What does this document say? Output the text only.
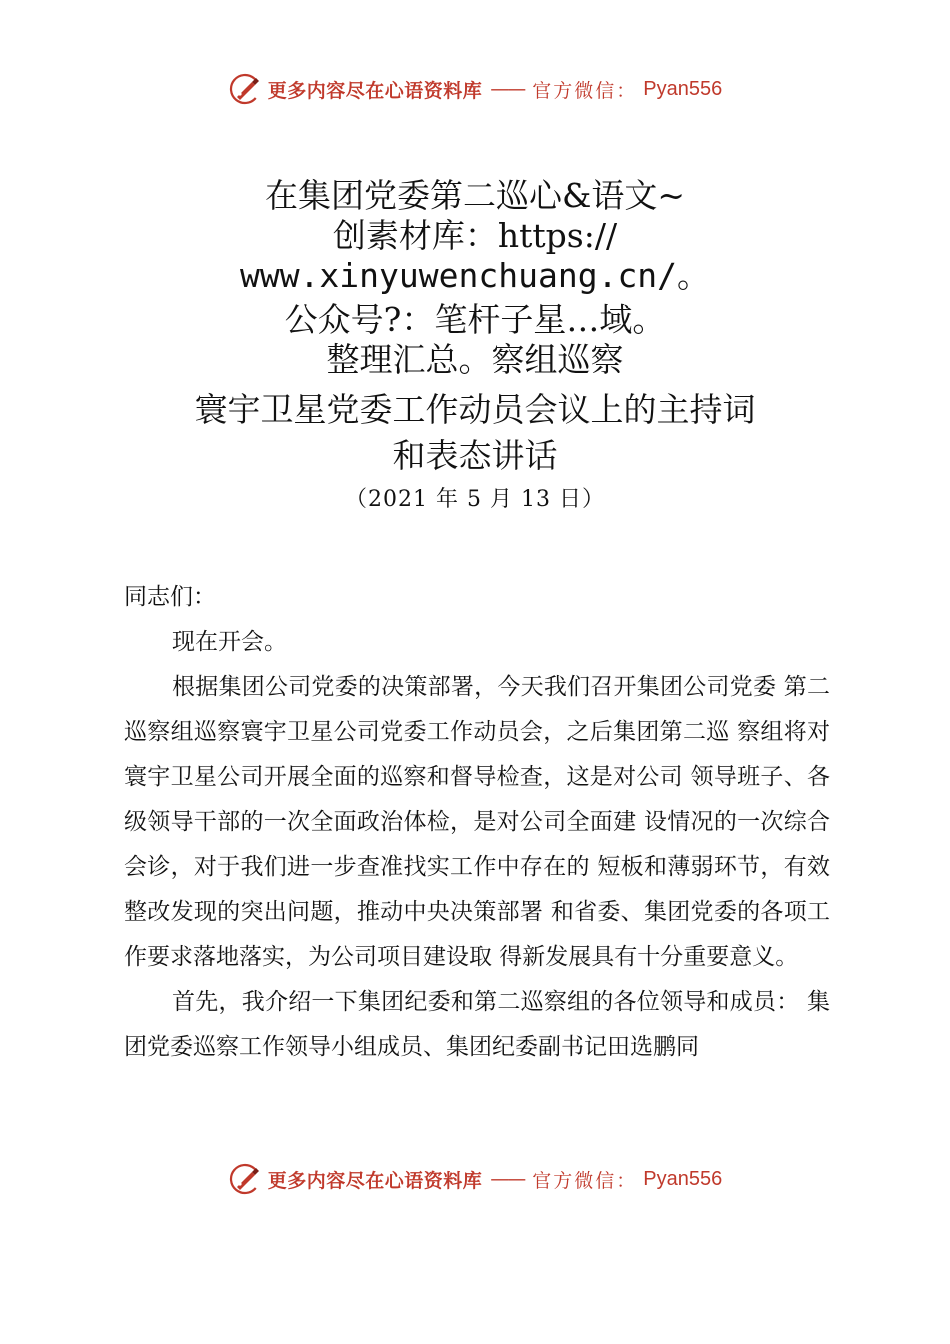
更多内容尽在心语资料库 —— 官方微信： Pyan556
在集团党委第二巡心&语文~
创素材库：https://
www.xinyuwenchuang.cn/。
公众号?：笔杆子星…域。
整理汇总。察组巡察
寰宇卫星党委工作动员会议上的主持词
和表态讲话
（2021 年 5 月 13 日）

同志们：

现在开会。

根据集团公司党委的决策部署，今天我们召开集团公司党委 第二巡察组巡察寰宇卫星公司党委工作动员会，之后集团第二巡 察组将对寰宇卫星公司开展全面的巡察和督导检查，这是对公司 领导班子、各级领导干部的一次全面政治体检，是对公司全面建 设情况的一次综合会诊，对于我们进一步查准找实工作中存在的 短板和薄弱环节，有效整改发现的突出问题，推动中央决策部署 和省委、集团党委的各项工作要求落地落实，为公司项目建设取 得新发展具有十分重要意义。

首先，我介绍一下集团纪委和第二巡察组的各位领导和成员： 集团党委巡察工作领导小组成员、集团纪委副书记田选鹏同

更多内容尽在心语资料库 —— 官方微信： Pyan556
